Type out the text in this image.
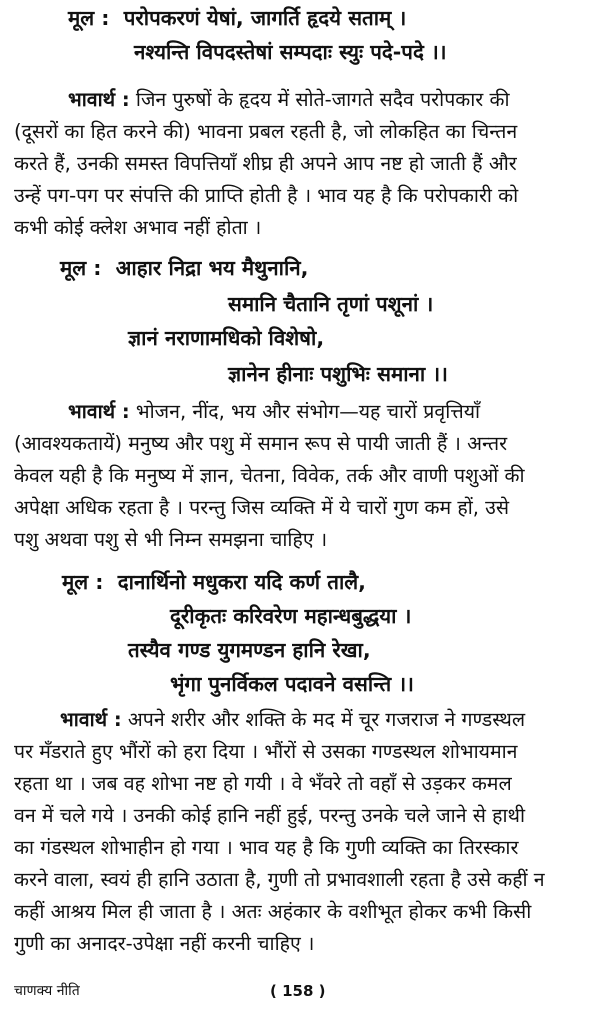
मूल : परोपकरणं येषां, जागर्ति हृदये सताम् ।
नश्यन्ति विपदस्तेषां सम्पदाः स्युः पदे-पदे ।।
भावार्थ : जिन पुरुषों के हृदय में सोते-जागते सदैव परोपकार की
(दूसरों का हित करने की) भावना प्रबल रहती है, जो लोकहित का चिन्तन
करते हैं, उनकी समस्त विपत्तियाँ शीघ्र ही अपने आप नष्ट हो जाती हैं और
उन्हें पग-पग पर संपत्ति की प्राप्ति होती है । भाव यह है कि परोपकारी को
कभी कोई क्लेश अभाव नहीं होता ।
मूल : आहार निद्रा भय मैथुनानि,
समानि चैतानि तृणां पशूनां ।
ज्ञानं नराणामधिको विशेषो,
ज्ञानेन हीनाः पशुभिः समाना ।।
भावार्थ : भोजन, नींद, भय और संभोग—यह चारों प्रवृत्तियाँ
(आवश्यकतायें) मनुष्य और पशु में समान रूप से पायी जाती हैं । अन्तर
केवल यही है कि मनुष्य में ज्ञान, चेतना, विवेक, तर्क और वाणी पशुओं की
अपेक्षा अधिक रहता है । परन्तु जिस व्यक्ति में ये चारों गुण कम हों, उसे
पशु अथवा पशु से भी निम्न समझना चाहिए ।
मूल : दानार्थिनो मधुकरा यदि कर्ण तालै,
दूरीकृतः करिवरेण महान्धबुद्धया ।
तस्यैव गण्ड युगमण्डन हानि रेखा,
भृंगा पुनर्विकल पदावने वसन्ति ।।
भावार्थ : अपने शरीर और शक्ति के मद में चूर गजराज ने गण्डस्थल
पर मँडराते हुए भौंरों को हरा दिया । भौंरों से उसका गण्डस्थल शोभायमान
रहता था । जब वह शोभा नष्ट हो गयी । वे भँवरे तो वहाँ से उड़कर कमल
वन में चले गये । उनकी कोई हानि नहीं हुई, परन्तु उनके चले जाने से हाथी
का गंडस्थल शोभाहीन हो गया । भाव यह है कि गुणी व्यक्ति का तिरस्कार
करने वाला, स्वयं ही हानि उठाता है, गुणी तो प्रभावशाली रहता है उसे कहीं न
कहीं आश्रय मिल ही जाता है । अतः अहंकार के वशीभूत होकर कभी किसी
गुणी का अनादर-उपेक्षा नहीं करनी चाहिए ।
चाणक्य नीति	( 158 )
